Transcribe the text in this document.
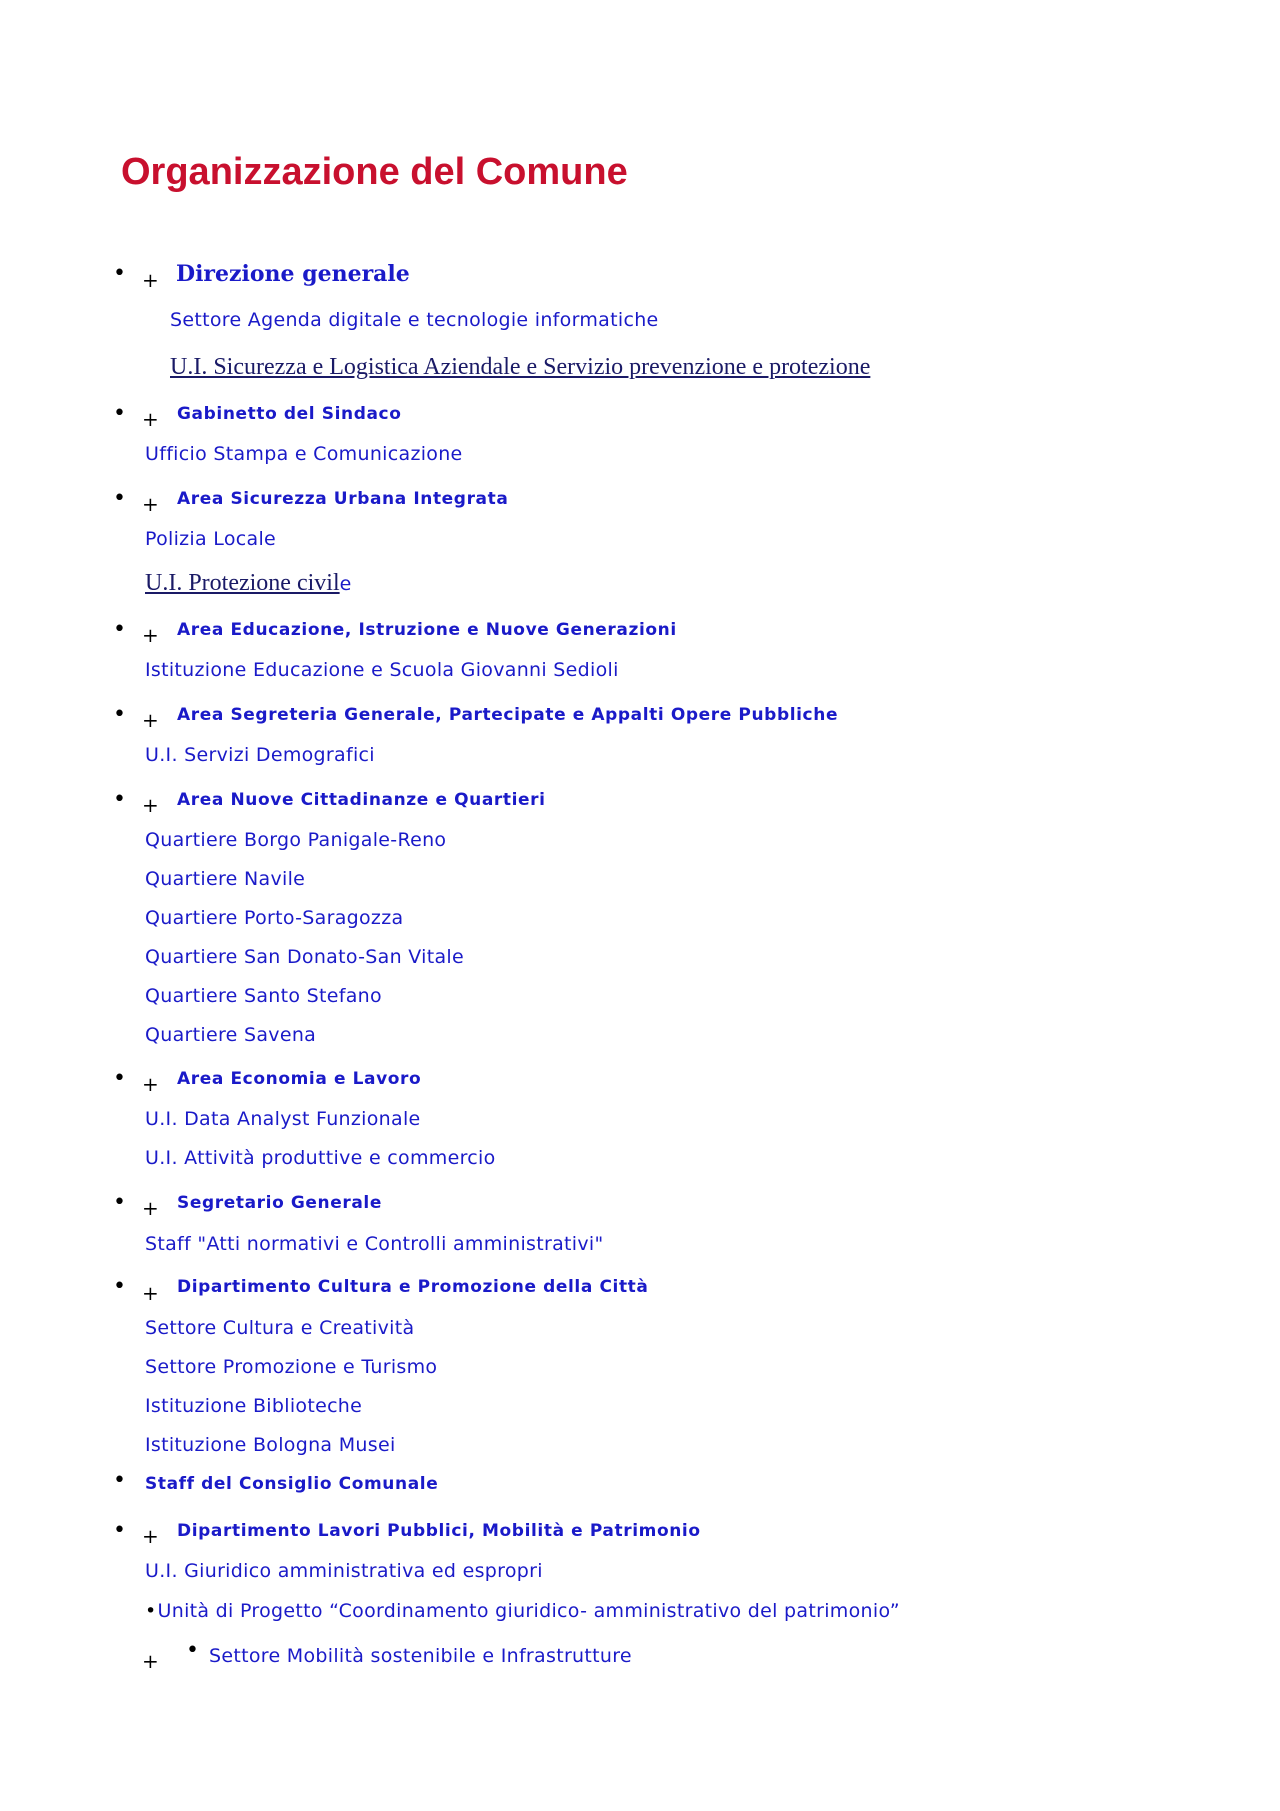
Organizzazione del Comune
• + Direzione generale
Settore Agenda digitale e tecnologie informatiche
U.I. Sicurezza e Logistica Aziendale e Servizio prevenzione e protezione
• + Gabinetto del Sindaco
Ufficio Stampa e Comunicazione
• + Area Sicurezza Urbana Integrata
Polizia Locale
U.I. Protezione civile
• + Area Educazione, Istruzione e Nuove Generazioni
Istituzione Educazione e Scuola Giovanni Sedioli
• + Area Segreteria Generale, Partecipate e Appalti Opere Pubbliche
U.I. Servizi Demografici
• + Area Nuove Cittadinanze e Quartieri
Quartiere Borgo Panigale-Reno
Quartiere Navile
Quartiere Porto-Saragozza
Quartiere San Donato-San Vitale
Quartiere Santo Stefano
Quartiere Savena
• + Area Economia e Lavoro
U.I. Data Analyst Funzionale
U.I. Attività produttive e commercio
• + Segretario Generale
Staff "Atti normativi e Controlli amministrativi"
• + Dipartimento Cultura e Promozione della Città
Settore Cultura e Creatività
Settore Promozione e Turismo
Istituzione Biblioteche
Istituzione Bologna Musei
• Staff del Consiglio Comunale
• + Dipartimento Lavori Pubblici, Mobilità e Patrimonio
U.I. Giuridico amministrativa ed espropri
•Unità di Progetto “Coordinamento giuridico- amministrativo del patrimonio”
+ • Settore Mobilità sostenibile e Infrastrutture
